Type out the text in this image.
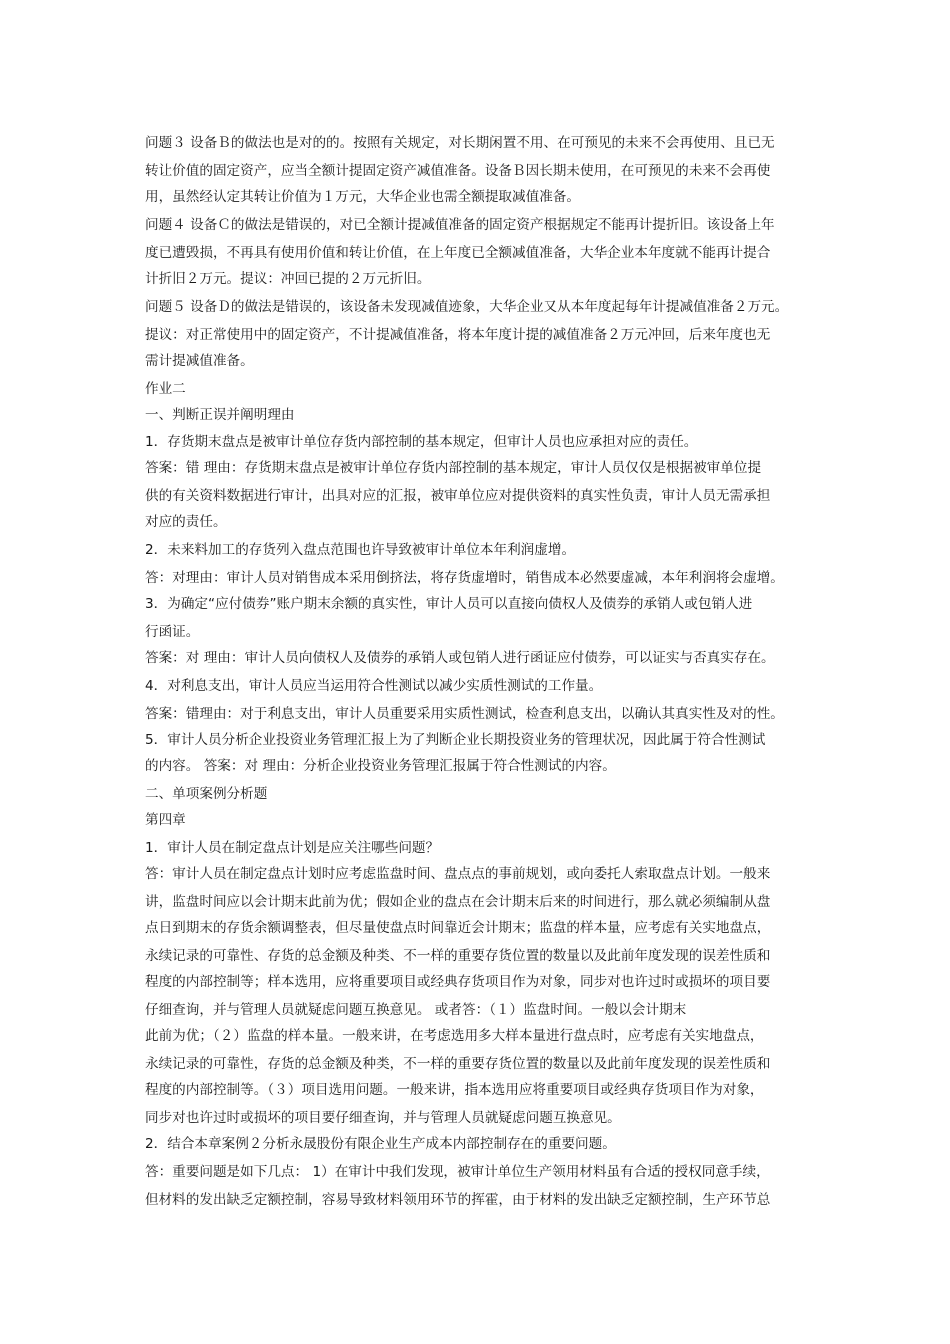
问题３ 设备Ｂ的做法也是对的的。按照有关规定，对长期闲置不用、在可预见的未来不会再使用、且已无
转让价值的固定资产，应当全额计提固定资产减值准备。设备Ｂ因长期未使用，在可预见的未来不会再使
用，虽然经认定其转让价值为１万元，大华企业也需全额提取减值准备。
问题４ 设备Ｃ的做法是错误的，对已全额计提减值准备的固定资产根据规定不能再计提折旧。该设备上年
度已遭毁损，不再具有使用价值和转让价值，在上年度已全额减值准备，大华企业本年度就不能再计提合
计折旧２万元。提议：冲回已提的２万元折旧。
问题５ 设备Ｄ的做法是错误的，该设备未发现减值迹象，大华企业又从本年度起每年计提减值准备２万元。
提议：对正常使用中的固定资产，不计提减值准备，将本年度计提的减值准备２万元冲回，后来年度也无
需计提减值准备。
作业二
一、判断正误并阐明理由
1．存货期末盘点是被审计单位存货内部控制的基本规定，但审计人员也应承担对应的责任。
答案：错 理由：存货期末盘点是被审计单位存货内部控制的基本规定，审计人员仅仅是根据被审单位提
供的有关资料数据进行审计，出具对应的汇报，被审单位应对提供资料的真实性负责，审计人员无需承担
对应的责任。
2．未来料加工的存货列入盘点范围也许导致被审计单位本年利润虚增。
答：对理由：审计人员对销售成本采用倒挤法，将存货虚增时，销售成本必然要虚减，本年利润将会虚增。
3．为确定“应付债券”账户期末余额的真实性，审计人员可以直接向债权人及债券的承销人或包销人进
行函证。
答案：对 理由：审计人员向债权人及债券的承销人或包销人进行函证应付债券，可以证实与否真实存在。
4．对利息支出，审计人员应当运用符合性测试以减少实质性测试的工作量。
答案：错理由：对于利息支出，审计人员重要采用实质性测试，检查利息支出，以确认其真实性及对的性。
5．审计人员分析企业投资业务管理汇报上为了判断企业长期投资业务的管理状况，因此属于符合性测试
的内容。 答案：对 理由：分析企业投资业务管理汇报属于符合性测试的内容。
二、单项案例分析题
第四章
1．审计人员在制定盘点计划是应关注哪些问题？
答：审计人员在制定盘点计划时应考虑监盘时间、盘点点的事前规划，或向委托人索取盘点计划。一般来
讲，监盘时间应以会计期末此前为优；假如企业的盘点在会计期末后来的时间进行，那么就必须编制从盘
点日到期末的存货余额调整表，但尽量使盘点时间靠近会计期末；监盘的样本量，应考虑有关实地盘点，
永续记录的可靠性、存货的总金额及种类、不一样的重要存货位置的数量以及此前年度发现的误差性质和
程度的内部控制等；样本选用，应将重要项目或经典存货项目作为对象，同步对也许过时或损坏的项目要
仔细查询，并与管理人员就疑虑问题互换意见。 或者答：（１）监盘时间。一般以会计期末
此前为优；（２）监盘的样本量。一般来讲，在考虑选用多大样本量进行盘点时，应考虑有关实地盘点，
永续记录的可靠性，存货的总金额及种类，不一样的重要存货位置的数量以及此前年度发现的误差性质和
程度的内部控制等。（３）项目选用问题。一般来讲，指本选用应将重要项目或经典存货项目作为对象，
同步对也许过时或损坏的项目要仔细查询，并与管理人员就疑虑问题互换意见。
2．结合本章案例２分析永晟股份有限企业生产成本内部控制存在的重要问题。
答：重要问题是如下几点： 1）在审计中我们发现，被审计单位生产领用材料虽有合适的授权同意手续，
但材料的发出缺乏定额控制，容易导致材料领用环节的挥霍，由于材料的发出缺乏定额控制，生产环节总
